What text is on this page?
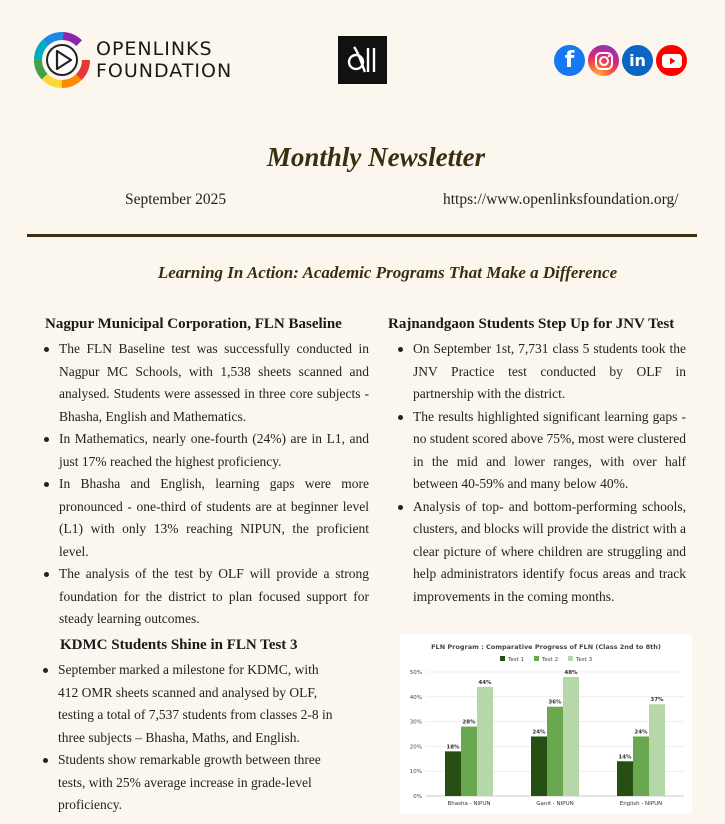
OPENLINKS
FOUNDATION	f	in
Monthly Newsletter
September 2025	https://www.openlinksfoundation.org/
Learning In Action: Academic Programs That Make a Difference
Nagpur Municipal Corporation, FLN Baseline
The FLN Baseline test was successfully conducted in Nagpur MC Schools, with 1,538 sheets scanned and analysed. Students were assessed in three core subjects - Bhasha, English and Mathematics.
In Mathematics, nearly one-fourth (24%) are in L1, and just 17% reached the highest proficiency.
In Bhasha and English, learning gaps were more pronounced - one-third of students are at beginner level (L1) with only 13% reaching NIPUN, the proficient level.
The analysis of the test by OLF will provide a strong foundation for the district to plan focused support for steady learning outcomes.
Rajnandgaon Students Step Up for JNV Test
On September 1st, 7,731 class 5 students took the JNV Practice test conducted by OLF in partnership with the district.
The results highlighted significant learning gaps - no student scored above 75%, most were clustered in the mid and lower ranges, with over half between 40-59% and many below 40%.
Analysis of top- and bottom-performing schools, clusters, and blocks will provide the district with a clear picture of where children are struggling and help administrators identify focus areas and track improvements in the coming months.
KDMC Students Shine in FLN Test 3
September marked a milestone for KDMC, with 412 OMR sheets scanned and analysed by OLF, testing a total of 7,537 students from classes 2-8 in three subjects – Bhasha, Maths, and English.
Students show remarkable growth between three tests, with 25% average increase in grade-level proficiency.
FLN Program : Comparative Progress of FLN (Class 2nd to 8th)
Test 1	Test 2	Test 3
0%
10%
20%
30%
40%
50%
18%
28%
44%
Bhasha - NIPUN
24%
36%
48%
Ganit - NIPUN
14%
24%
37%
English - NIPUN
